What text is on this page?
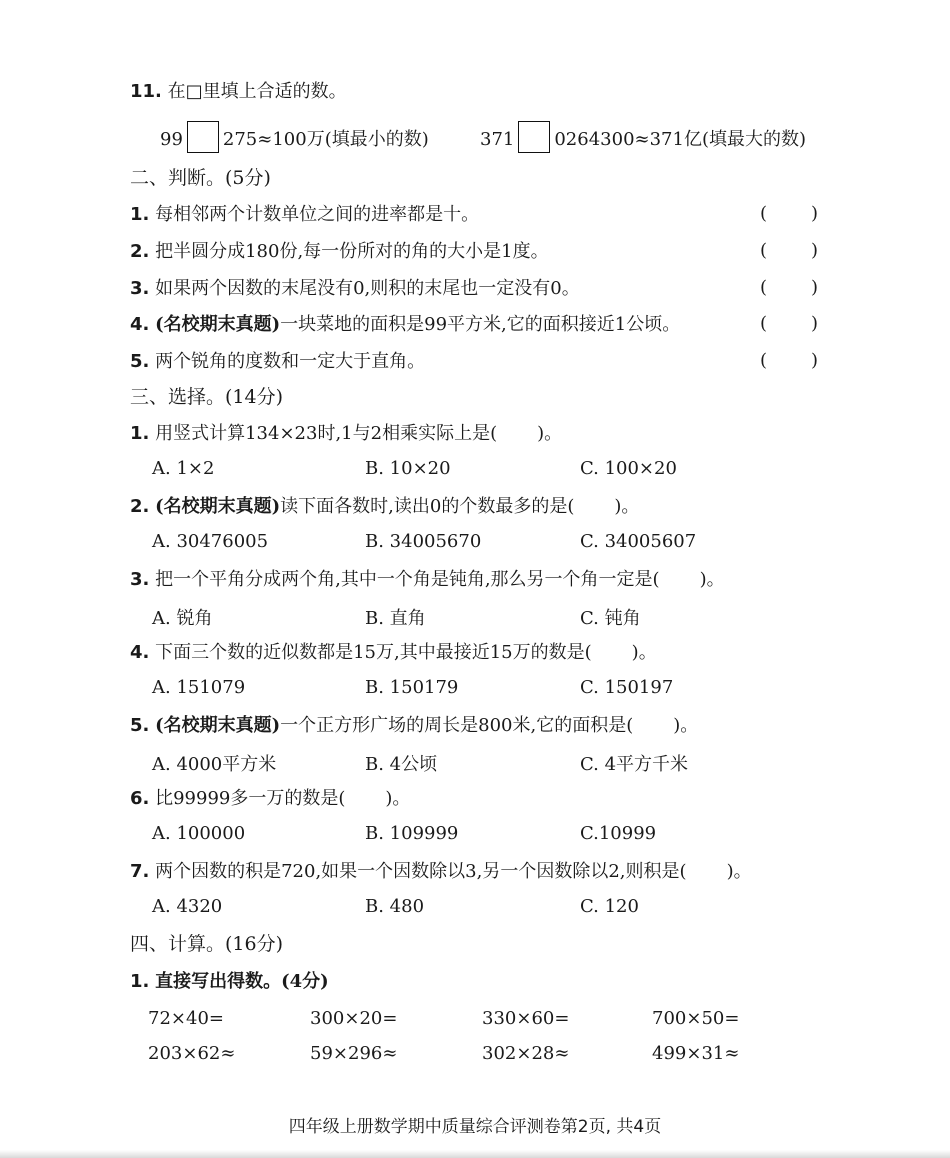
11. 在□里填上合适的数。
99 275≈100万(填最小的数)	371 0264300≈371亿(填最大的数)
二、判断。(5分)
1. 每相邻两个计数单位之间的进率都是十。	( )
2. 把半圆分成180份,每一份所对的角的大小是1度。	( )
3. 如果两个因数的末尾没有0,则积的末尾也一定没有0。	( )
4. (名校期末真题)一块菜地的面积是99平方米,它的面积接近1公顷。	( )
5. 两个锐角的度数和一定大于直角。	( )
三、选择。(14分)
1. 用竖式计算134×23时,1与2相乘实际上是( )。
A. 1×2	B. 10×20	C. 100×20
2. (名校期末真题)读下面各数时,读出0的个数最多的是( )。
A. 30476005	B. 34005670	C. 34005607
3. 把一个平角分成两个角,其中一个角是钝角,那么另一个角一定是( )。
A. 锐角	B. 直角	C. 钝角
4. 下面三个数的近似数都是15万,其中最接近15万的数是( )。
A. 151079	B. 150179	C. 150197
5. (名校期末真题)一个正方形广场的周长是800米,它的面积是( )。
A. 4000平方米	B. 4公顷	C. 4平方千米
6. 比99999多一万的数是( )。
A. 100000	B. 109999	C.10999
7. 两个因数的积是720,如果一个因数除以3,另一个因数除以2,则积是( )。
A. 4320	B. 480	C. 120
四、计算。(16分)
1. 直接写出得数。(4分)
72×40=	300×20=	330×60=	700×50=
203×62≈	59×296≈	302×28≈	499×31≈
四年级上册数学期中质量综合评测卷第2页, 共4页
